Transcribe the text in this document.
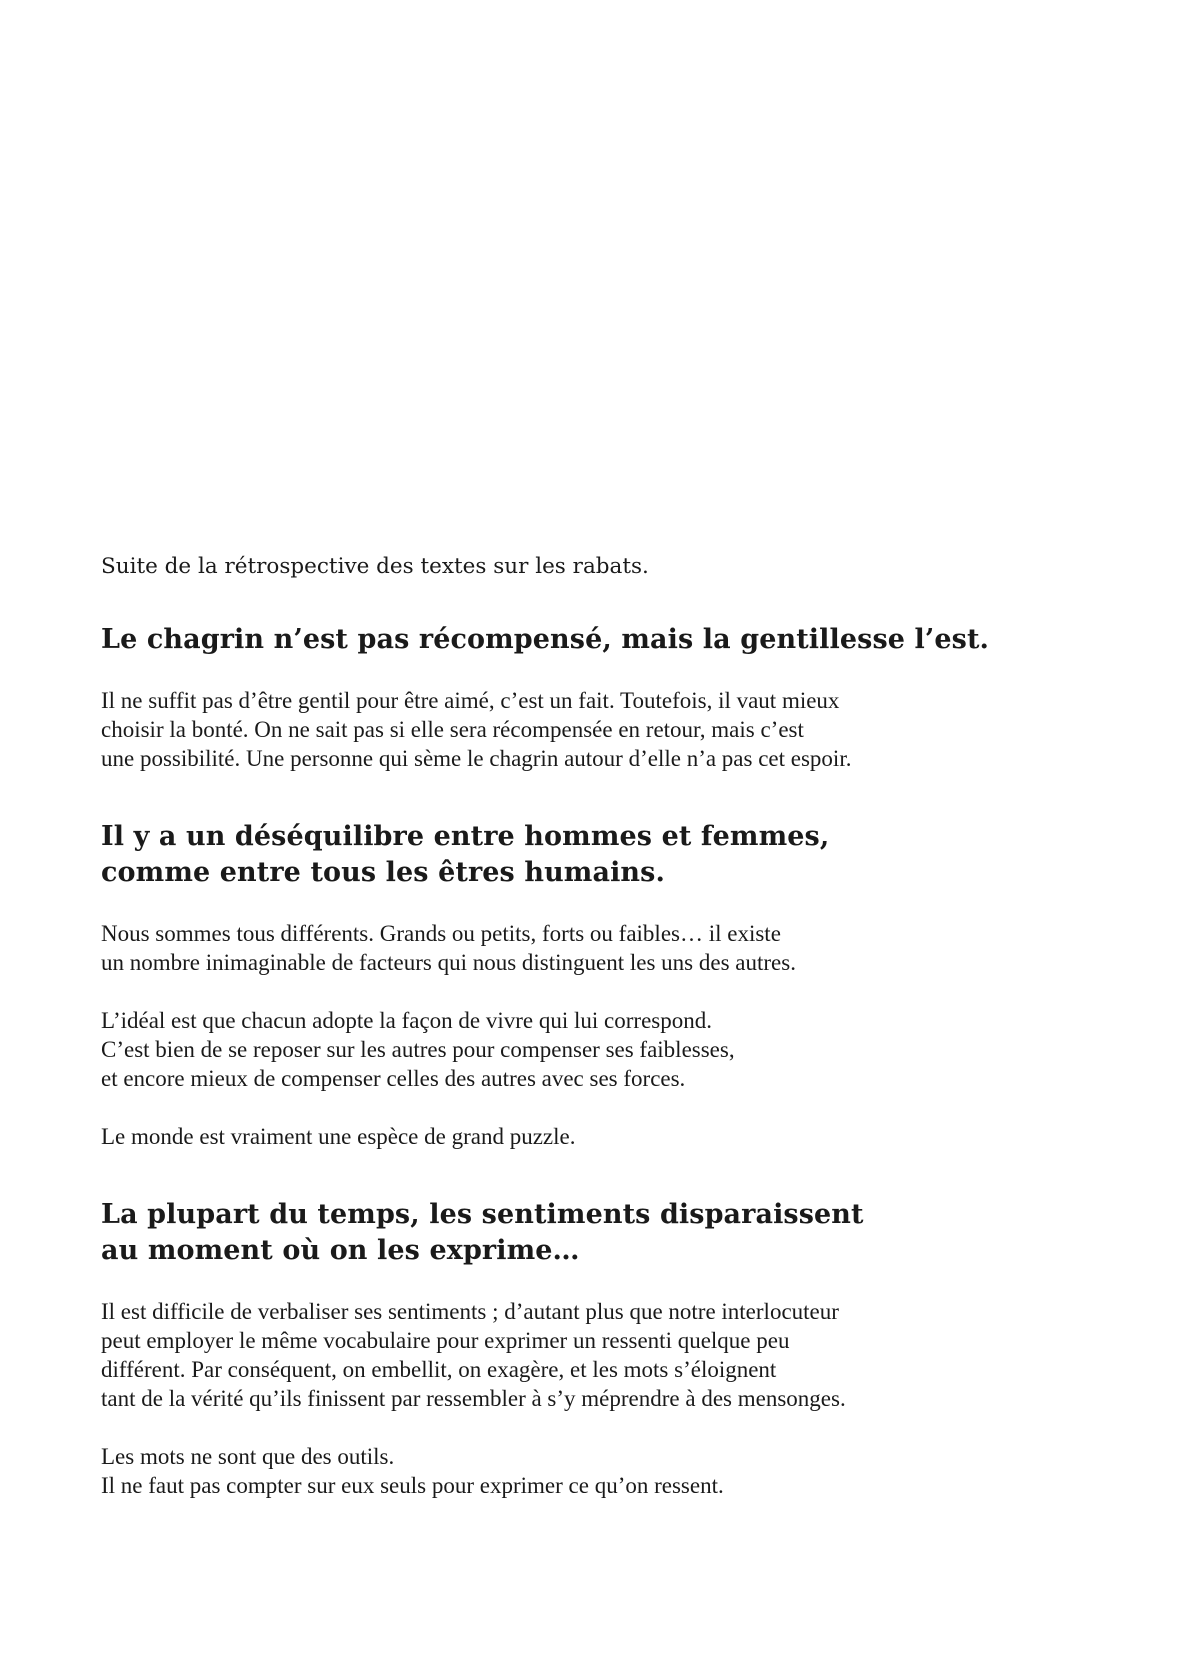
Suite de la rétrospective des textes sur les rabats.

Le chagrin n’est pas récompensé, mais la gentillesse l’est.

Il ne suffit pas d’être gentil pour être aimé, c’est un fait. Toutefois, il vaut mieux
choisir la bonté. On ne sait pas si elle sera récompensée en retour, mais c’est
une possibilité. Une personne qui sème le chagrin autour d’elle n’a pas cet espoir.

Il y a un déséquilibre entre hommes et femmes,
comme entre tous les êtres humains.

Nous sommes tous différents. Grands ou petits, forts ou faibles… il existe
un nombre inimaginable de facteurs qui nous distinguent les uns des autres.

L’idéal est que chacun adopte la façon de vivre qui lui correspond.
C’est bien de se reposer sur les autres pour compenser ses faiblesses,
et encore mieux de compenser celles des autres avec ses forces.

Le monde est vraiment une espèce de grand puzzle.

La plupart du temps, les sentiments disparaissent
au moment où on les exprime…

Il est difficile de verbaliser ses sentiments ; d’autant plus que notre interlocuteur
peut employer le même vocabulaire pour exprimer un ressenti quelque peu
différent. Par conséquent, on embellit, on exagère, et les mots s’éloignent
tant de la vérité qu’ils finissent par ressembler à s’y méprendre à des mensonges.

Les mots ne sont que des outils.
Il ne faut pas compter sur eux seuls pour exprimer ce qu’on ressent.
